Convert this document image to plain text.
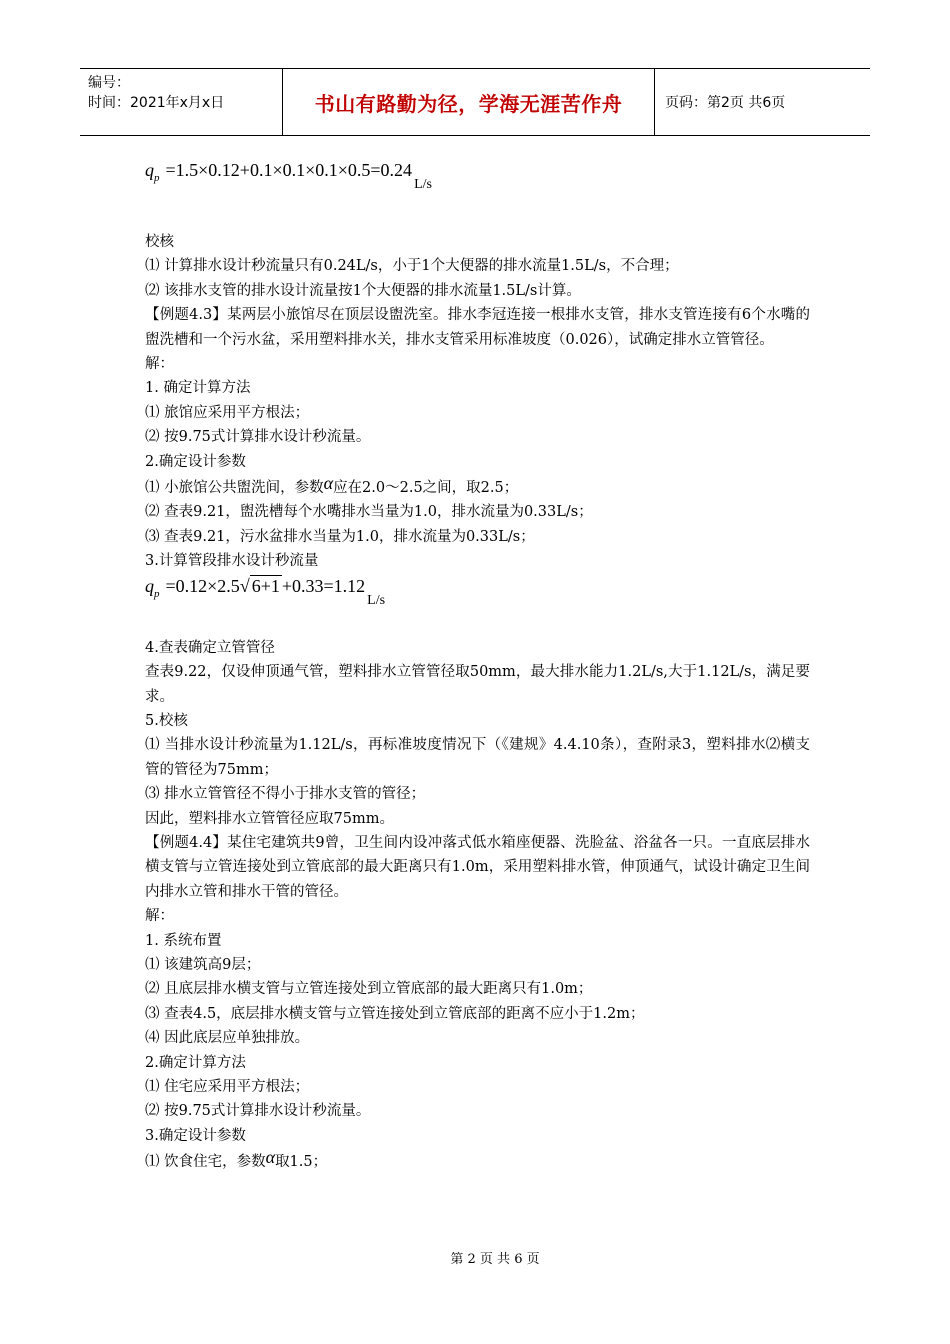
编号：
时间：2021年x月x日	书山有路勤为径，学海无涯苦作舟	页码：第2页 共6页
$q_p =1.5\times 0.12+0.1\times 0.1\times 0.1\times 0.5=0.24_{L/s}$
校核
⑴ 计算排水设计秒流量只有0.24L/s，小于1个大便器的排水流量1.5L/s，不合理；
⑵ 该排水支管的排水设计流量按1个大便器的排水流量1.5L/s计算。
【例题4.3】某两层小旅馆尽在顶层设盥洗室。排水李冠连接一根排水支管，排水支管连接有6个水嘴的盥洗槽和一个污水盆，采用塑料排水关，排水支管采用标准坡度（0.026），试确定排水立管管径。
解：
1. 确定计算方法
⑴ 旅馆应采用平方根法；
⑵ 按9.75式计算排水设计秒流量。
2.确定设计参数
⑴ 小旅馆公共盥洗间，参数α应在2.0～2.5之间，取2.5；
⑵ 查表9.21，盥洗槽每个水嘴排水当量为1.0，排水流量为0.33L/s；
⑶ 查表9.21，污水盆排水当量为1.0，排水流量为0.33L/s；
3.计算管段排水设计秒流量
$q_p =0.12\times 2.5√$ $6+1 +0.33=1.12_{L/s}$
4.查表确定立管管径
查表9.22，仅设伸顶通气管，塑料排水立管管径取50mm，最大排水能力1.2L/s,大于1.12L/s，满足要求。
5.校核
⑴ 当排水设计秒流量为1.12L/s，再标准坡度情况下（《建规》4.4.10条），查附录3，塑料排水⑵横支管的管径为75mm；
⑶ 排水立管管径不得小于排水支管的管径；
因此，塑料排水立管管径应取75mm。
【例题4.4】某住宅建筑共9曾，卫生间内设冲落式低水箱座便器、洗脸盆、浴盆各一只。一直底层排水横支管与立管连接处到立管底部的最大距离只有1.0m，采用塑料排水管，伸顶通气，试设计确定卫生间内排水立管和排水干管的管径。
解：
1. 系统布置
⑴ 该建筑高9层；
⑵ 且底层排水横支管与立管连接处到立管底部的最大距离只有1.0m；
⑶ 查表4.5，底层排水横支管与立管连接处到立管底部的距离不应小于1.2m；
⑷ 因此底层应单独排放。
2.确定计算方法
⑴ 住宅应采用平方根法；
⑵ 按9.75式计算排水设计秒流量。
3.确定设计参数
⑴ 饮食住宅，参数α取1.5；
第 2 页 共 6 页
